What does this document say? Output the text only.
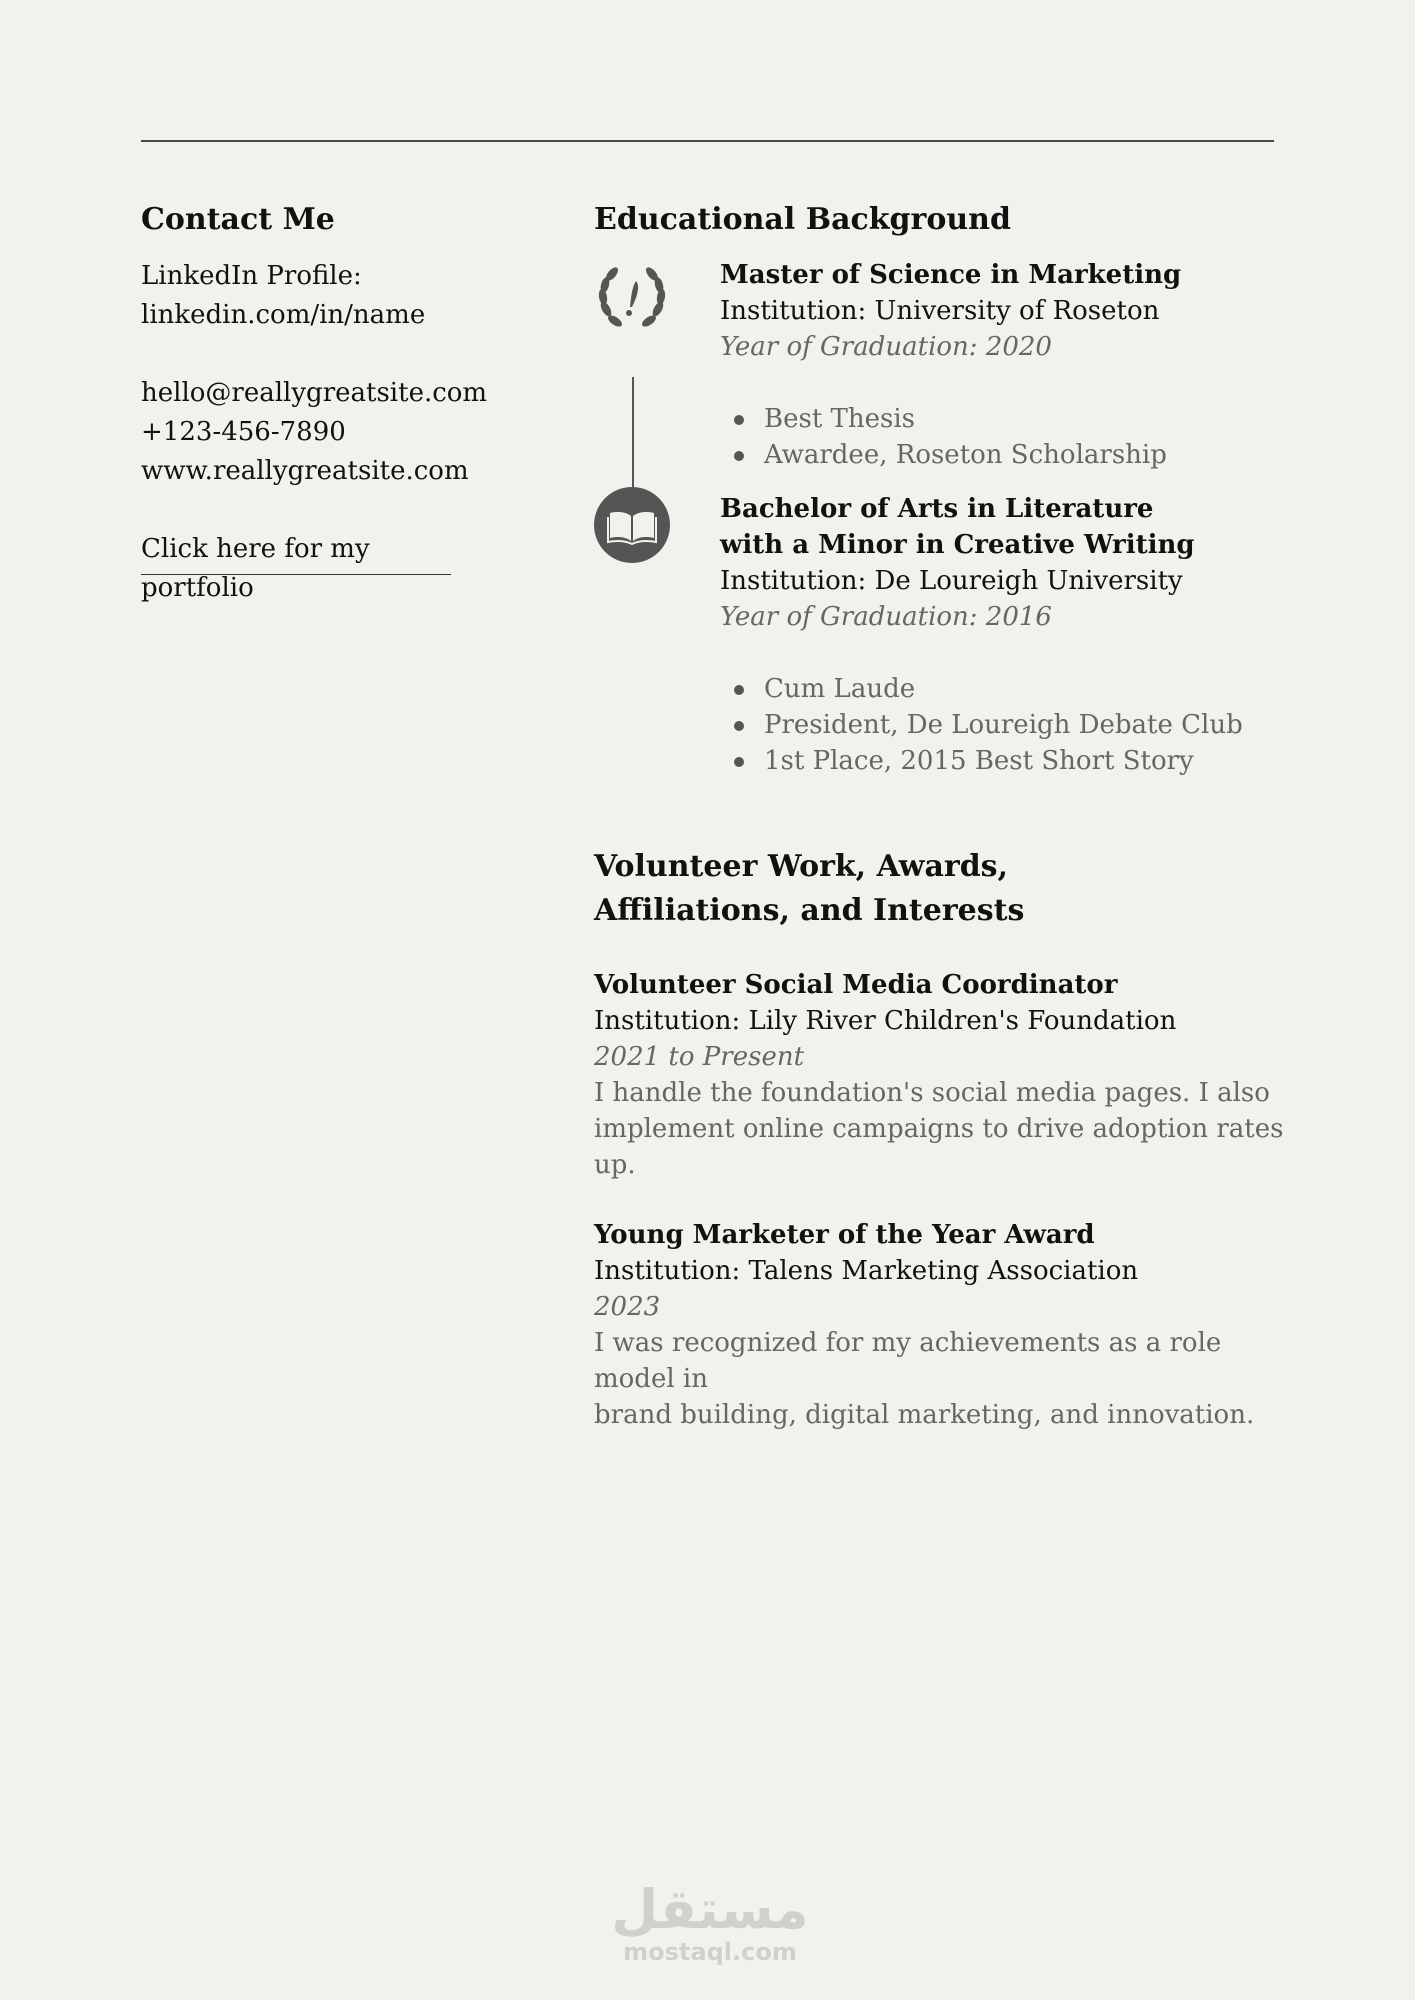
Contact Me

LinkedIn Profile:

linkedin.com/in/name

hello@reallygreatsite.com

+123-456-7890

www.reallygreatsite.com

Click here for my
portfolio
Educational Background

Master of Science in Marketing

Institution: University of Roseton

Year of Graduation: 2020

Best Thesis
Awardee, Roseton Scholarship

Bachelor of Arts in Literature

with a Minor in Creative Writing

Institution: De Loureigh University

Year of Graduation: 2016

Cum Laude
President, De Loureigh Debate Club
1st Place, 2015 Best Short Story
Volunteer Work, Awards,
Affiliations, and Interests

Volunteer Social Media Coordinator

Institution: Lily River Children's Foundation

2021 to Present

I handle the foundation's social media pages. I also

implement online campaigns to drive adoption rates up.

Young Marketer of the Year Award

Institution: Talens Marketing Association

2023

I was recognized for my achievements as a role model in

brand building, digital marketing, and innovation.

مستقل
mostaql.com
